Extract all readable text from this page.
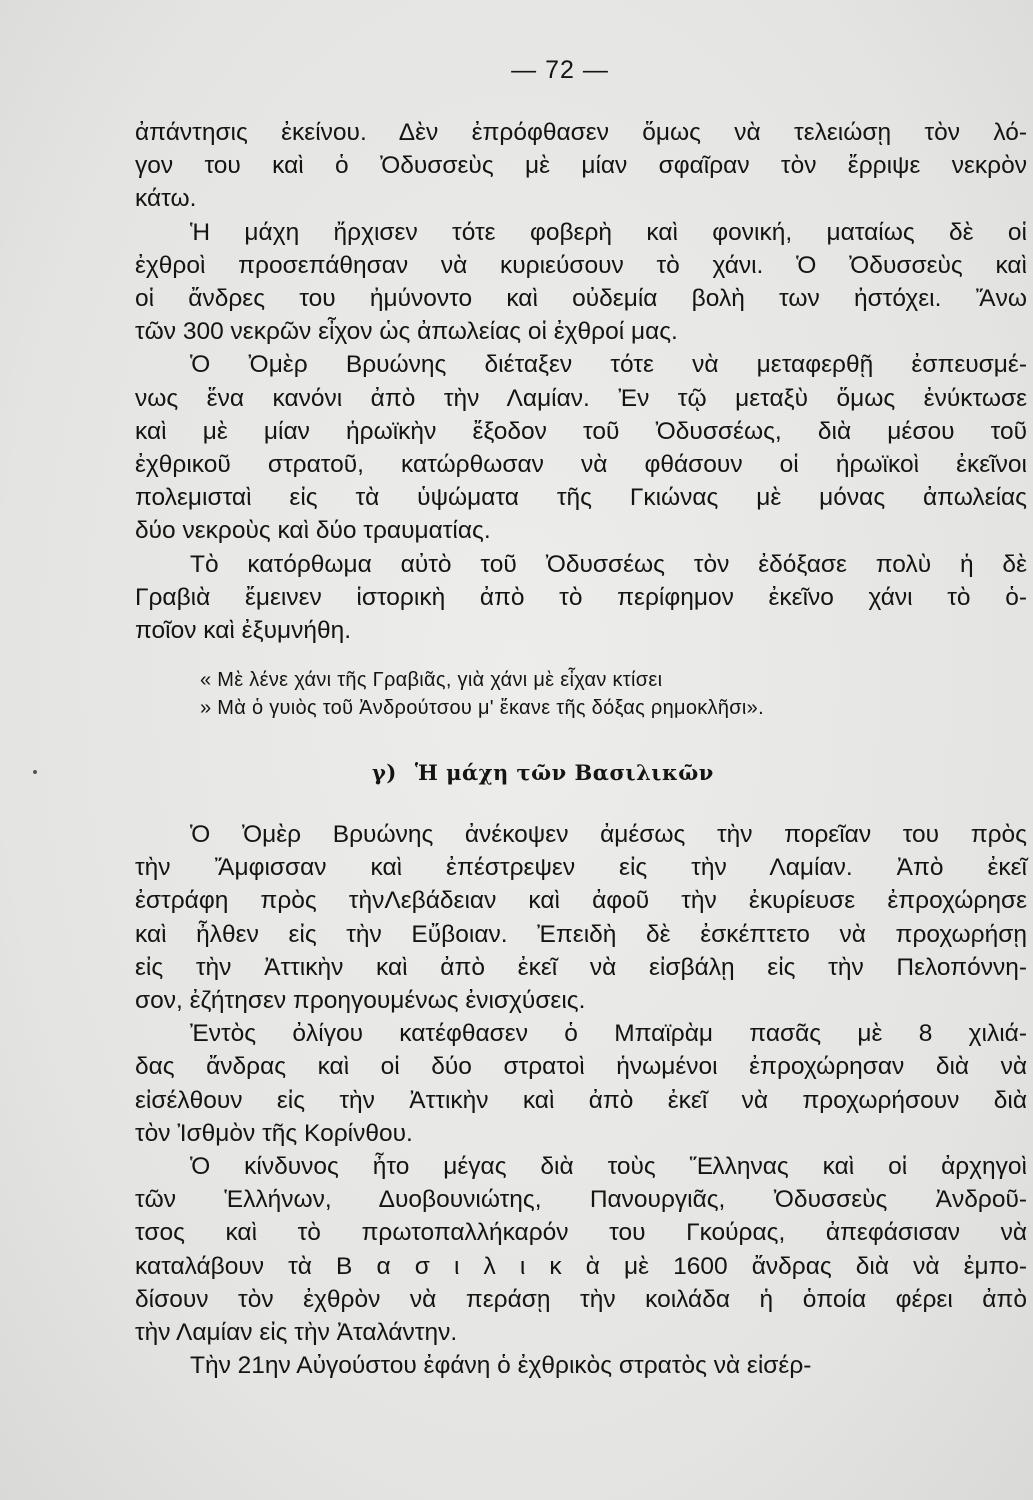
— 72 —

ἀπάντησις ἐκείνου. Δὲν ἐπρόφθασεν ὅμως νὰ τελειώσῃ τὸν λό-
γον του καὶ ὁ Ὀδυσσεὺς μὲ μίαν σφαῖραν τὸν ἔρριψε νεκρὸν
κάτω.

Ἡ μάχη ἤρχισεν τότε φοβερὴ καὶ φονική, ματαίως δὲ οἱ
ἐχθροὶ προσεπάθησαν νὰ κυριεύσουν τὸ χάνι. Ὁ Ὀδυσσεὺς καὶ
οἱ ἄνδρες του ἠμύνοντο καὶ οὐδεμία βολὴ των ἠστόχει. Ἄνω
τῶν 300 νεκρῶν εἶχον ὡς ἀπωλείας οἱ ἐχθροί μας.

Ὁ Ὀμὲρ Βρυώνης διέταξεν τότε νὰ μεταφερθῇ ἐσπευσμέ-
νως ἕνα κανόνι ἀπὸ τὴν Λαμίαν. Ἐν τῷ μεταξὺ ὅμως ἐνύκτωσε
καὶ μὲ μίαν ἡρωϊκὴν ἔξοδον τοῦ Ὀδυσσέως, διὰ μέσου τοῦ
ἐχθρικοῦ στρατοῦ, κατώρθωσαν νὰ φθάσουν οἱ ἡρωϊκοὶ ἐκεῖνοι
πολεμισταὶ εἰς τὰ ὑψώματα τῆς Γκιώνας μὲ μόνας ἀπωλείας
δύο νεκροὺς καὶ δύο τραυματίας.

Τὸ κατόρθωμα αὐτὸ τοῦ Ὀδυσσέως τὸν ἐδόξασε πολὺ ἡ δὲ
Γραβιὰ ἔμεινεν ἱστορικὴ ἀπὸ τὸ περίφημον ἐκεῖνο χάνι τὸ ὁ-
ποῖον καὶ ἐξυμνήθη.

« Μὲ λένε χάνι τῆς Γραβιᾶς, γιὰ χάνι μὲ εἶχαν κτίσει
» Μὰ ὁ γυιὸς τοῦ Ἀνδρούτσου μ' ἔκανε τῆς δόξας ρημοκλῆσι».
γ) Ἡ μάχη τῶν Βασιλικῶν

Ὁ Ὀμὲρ Βρυώνης ἀνέκοψεν ἀμέσως τὴν πορεῖαν του πρὸς
τὴν Ἄμφισσαν καὶ ἐπέστρεψεν εἰς τὴν Λαμίαν. Ἀπὸ ἐκεῖ
ἐστράφη πρὸς τὴνΛεβάδειαν καὶ ἀφοῦ τὴν ἐκυρίευσε ἐπροχώρησε
καὶ ἦλθεν εἰς τὴν Εὔβοιαν. Ἐπειδὴ δὲ ἐσκέπτετο νὰ προχωρήσῃ
εἰς τὴν Ἀττικὴν καὶ ἀπὸ ἐκεῖ νὰ εἰσβάλῃ εἰς τὴν Πελοπόννη-
σον, ἐζήτησεν προηγουμένως ἐνισχύσεις.

Ἐντὸς ὀλίγου κατέφθασεν ὁ Μπαϊρὰμ πασᾶς μὲ 8 χιλιά-
δας ἄνδρας καὶ οἱ δύο στρατοὶ ἡνωμένοι ἐπροχώρησαν διὰ νὰ
εἰσέλθουν εἰς τὴν Ἀττικὴν καὶ ἀπὸ ἐκεῖ νὰ προχωρήσουν διὰ
τὸν Ἰσθμὸν τῆς Κορίνθου.

Ὁ κίνδυνος ἦτο μέγας διὰ τοὺς Ἕλληνας καὶ οἱ ἀρχηγοὶ
τῶν Ἑλλήνων, Δυοβουνιώτης, Πανουργιᾶς, Ὀδυσσεὺς Ἀνδροῦ-
τσος καὶ τὸ πρωτοπαλλήκαρόν του Γκούρας, ἀπεφάσισαν νὰ
καταλάβουν τὰ Β α σ ι λ ι κ ὰ μὲ 1600 ἄνδρας διὰ νὰ ἐμπο-
δίσουν τὸν ἐχθρὸν νὰ περάσῃ τὴν κοιλάδα ἡ ὁποία φέρει ἀπὸ
τὴν Λαμίαν εἰς τὴν Ἀταλάντην.

Τὴν 21ην Αὐγούστου ἐφάνη ὁ ἐχθρικὸς στρατὸς νὰ εἰσέρ-
